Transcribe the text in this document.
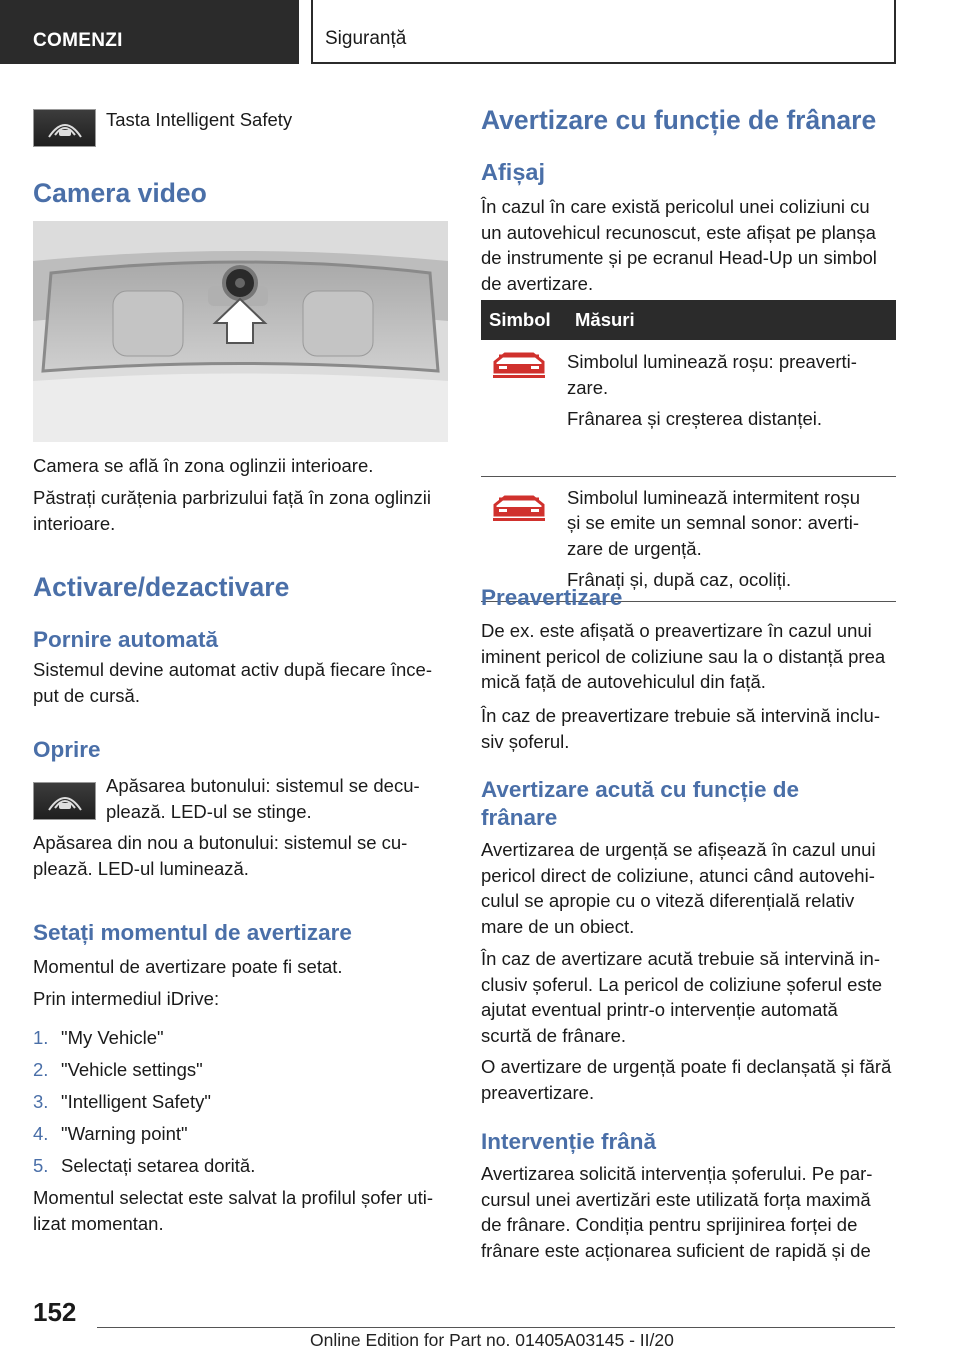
COMENZI	Siguranță
Tasta Intelligent Safety
Camera video

Camera se află în zona oglinzii interioare.

Păstrați curățenia parbrizului față în zona oglinzii
interioare.

Activare/dezactivare
Pornire automată

Sistemul devine automat activ după fiecare înce-
put de cursă.

Oprire

Apăsarea butonului: sistemul se decu-
plează. LED-ul se stinge.

Apăsarea din nou a butonului: sistemul se cu-
plează. LED-ul luminează.

Setați momentul de avertizare

Momentul de avertizare poate fi setat.

Prin intermediul iDrive:

1. "My Vehicle"
2. "Vehicle settings"
3. "Intelligent Safety"
4. "Warning point"
5. Selectați setarea dorită.

Momentul selectat este salvat la profilul șofer uti-
lizat momentan.

Avertizare cu funcție de frânare
Afișaj

În cazul în care există pericolul unei coliziuni cu
un autovehicul recunoscut, este afișat pe planșa
de instrumente și pe ecranul Head-Up un simbol
de avertizare.

Simbol	Măsuri

Simbolul luminează roșu: preaverti-
zare.
Frânarea și creșterea distanței.

Simbolul luminează intermitent roșu
și se emite un semnal sonor: averti-
zare de urgență.
Frânați și, după caz, ocoliți.
Preavertizare

De ex. este afișată o preavertizare în cazul unui
iminent pericol de coliziune sau la o distanță prea
mică față de autovehiculul din față.

În caz de preavertizare trebuie să intervină inclu-
siv șoferul.

Avertizare acută cu funcție de
frânare

Avertizarea de urgență se afișează în cazul unui
pericol direct de coliziune, atunci când autovehi-
culul se apropie cu o viteză diferențială relativ
mare de un obiect.

În caz de avertizare acută trebuie să intervină in-
clusiv șoferul. La pericol de coliziune șoferul este
ajutat eventual printr-o intervenție automată
scurtă de frânare.

O avertizare de urgență poate fi declanșată și fără
preavertizare.

Intervenție frână

Avertizarea solicită intervenția șoferului. Pe par-
cursul unei avertizări este utilizată forța maximă
de frânare. Condiția pentru sprijinirea forței de
frânare este acționarea suficient de rapidă și de

152
Online Edition for Part no. 01405A03145 - II/20
